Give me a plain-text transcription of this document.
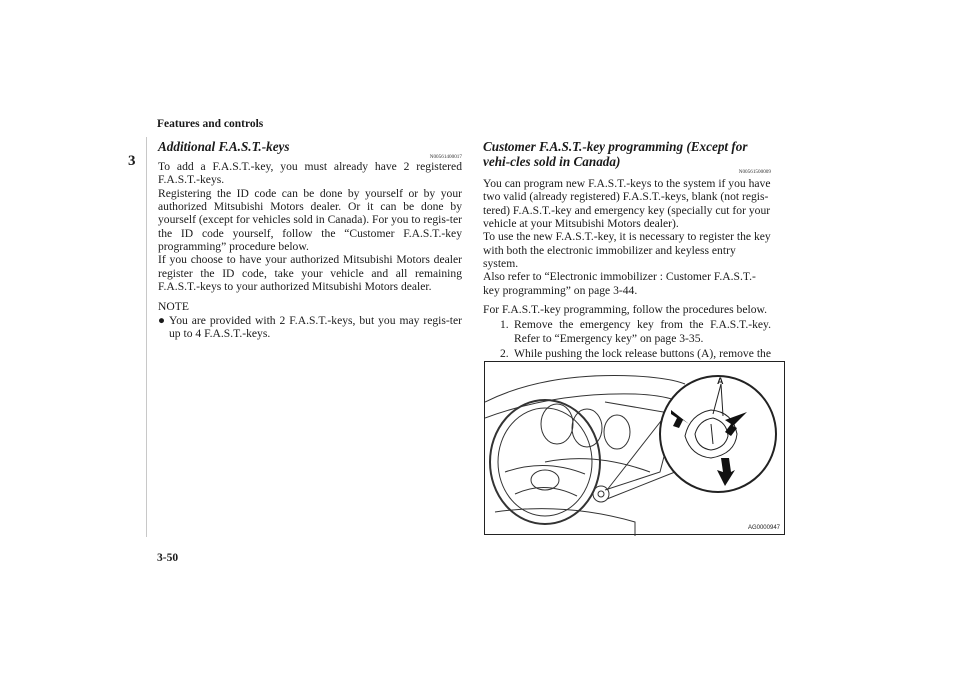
Features and controls
3
Additional F.A.S.T.-keys
N00561400017

To add a F.A.S.T.-key, you must already have 2 registered F.A.S.T.-keys.

Registering the ID code can be done by yourself or by your authorized Mitsubishi Motors dealer. Or it can be done by yourself (except for vehicles sold in Canada). For you to regis-ter the ID code yourself, follow the “Customer F.A.S.T.-key programming” procedure below.

If you choose to have your authorized Mitsubishi Motors dealer register the ID code, take your vehicle and all remaining F.A.S.T.-keys to your authorized Mitsubishi Motors dealer.

NOTE
● You are provided with 2 F.A.S.T.-keys, but you may regis-ter up to 4 F.A.S.T.-keys.
Customer F.A.S.T.-key programming (Except for vehi-cles sold in Canada)
N00561500009

You can program new F.A.S.T.-keys to the system if you have two valid (already registered) F.A.S.T.-keys, blank (not regis-tered) F.A.S.T.-key and emergency key (specially cut for your vehicle at your Mitsubishi Motors dealer).

To use the new F.A.S.T.-key, it is necessary to register the key with both the electronic immobilizer and keyless entry system.

Also refer to “Electronic immobilizer : Customer F.A.S.T.-key programming” on page 3-44.

For F.A.S.T.-key programming, follow the procedures below.

1. Remove the emergency key from the F.A.S.T.-key. Refer to “Emergency key” on page 3-35.
2. While pushing the lock release buttons (A), remove the
A
AG0000947
3-50
